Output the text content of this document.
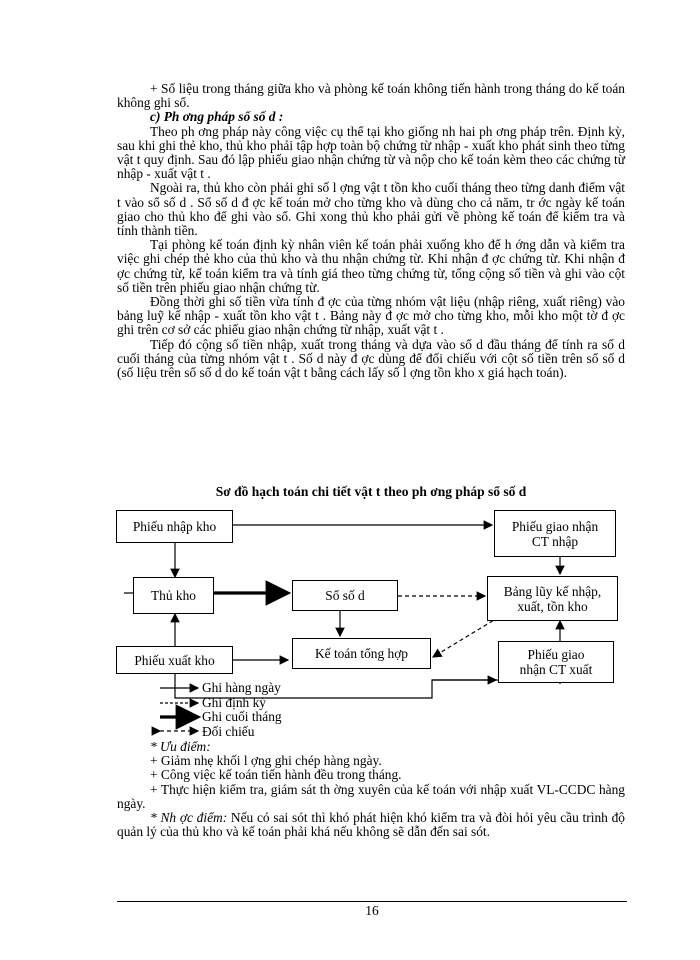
+ Số liệu trong tháng giữa kho và phòng kế toán không tiến hành trong tháng do kế toán không ghi sổ.

c) Ph ơng pháp sổ số d :

Theo ph ơng pháp này công việc cụ thể tại kho giống nh hai ph ơng pháp trên. Định kỳ, sau khi ghi thẻ kho, thủ kho phải tập hợp toàn bộ chứng từ nhập - xuất kho phát sinh theo từng vật t quy định. Sau đó lập phiếu giao nhận chứng từ và nộp cho kế toán kèm theo các chứng từ nhập - xuất vật t .

Ngoài ra, thủ kho còn phải ghi số l ợng vật t tồn kho cuối tháng theo từng danh điểm vật t vào sổ số d . Sổ số d đ ợc kế toán mở cho từng kho và dùng cho cả năm, tr ớc ngày kế toán giao cho thủ kho để ghi vào sổ. Ghi xong thủ kho phải gửi về phòng kế toán để kiểm tra và tính thành tiền.

Tại phòng kế toán định kỳ nhân viên kế toán phải xuống kho để h ớng dẫn và kiểm tra việc ghi chép thẻ kho của thủ kho và thu nhận chứng từ. Khi nhận đ ợc chứng từ. Khi nhận đ ợc chứng từ, kế toán kiểm tra và tính giá theo từng chứng từ, tổng cộng số tiền và ghi vào cột số tiền trên phiếu giao nhận chứng từ.

Đồng thời ghi số tiền vừa tính đ ợc của từng nhóm vật liệu (nhập riêng, xuất riêng) vào bảng luỹ kế nhập - xuất tồn kho vật t . Bảng này đ ợc mở cho từng kho, mỗi kho một tờ đ ợc ghi trên cơ sở các phiếu giao nhận chứng từ nhập, xuất vật t .

Tiếp đó cộng số tiền nhập, xuất trong tháng và dựa vào sổ d đầu tháng để tính ra số d cuối tháng của từng nhóm vật t . Số d này đ ợc dùng để đối chiếu với cột số tiền trên sổ số d (số liệu trên sổ số d do kế toán vật t bằng cách lấy số l ợng tồn kho x giá hạch toán).

Sơ đồ hạch toán chi tiết vật t theo ph ơng pháp sổ số d
Phiếu nhập kho
Thủ kho
Phiếu xuất kho
Sổ số d
Kế toán tổng hợp
Phiếu giao nhận
CT nhập
Bảng lũy kế nhập,
xuất, tồn kho
Phiếu giao
nhận CT xuất
Ghi hàng ngày
Ghi định kỳ
Ghi cuối tháng
Đối chiếu

* Ưu điểm:

+ Giảm nhẹ khối l ợng ghi chép hàng ngày.

+ Công việc kế toán tiến hành đều trong tháng.

+ Thực hiện kiểm tra, giám sát th ờng xuyên của kế toán với nhập xuất VL-CCDC hàng ngày.

* Nh ợc điểm: Nếu có sai sót thì khó phát hiện khó kiểm tra và đòi hỏi yêu cầu trình độ quản lý của thủ kho và kế toán phải khá nếu không sẽ dẫn đến sai sót.

16
